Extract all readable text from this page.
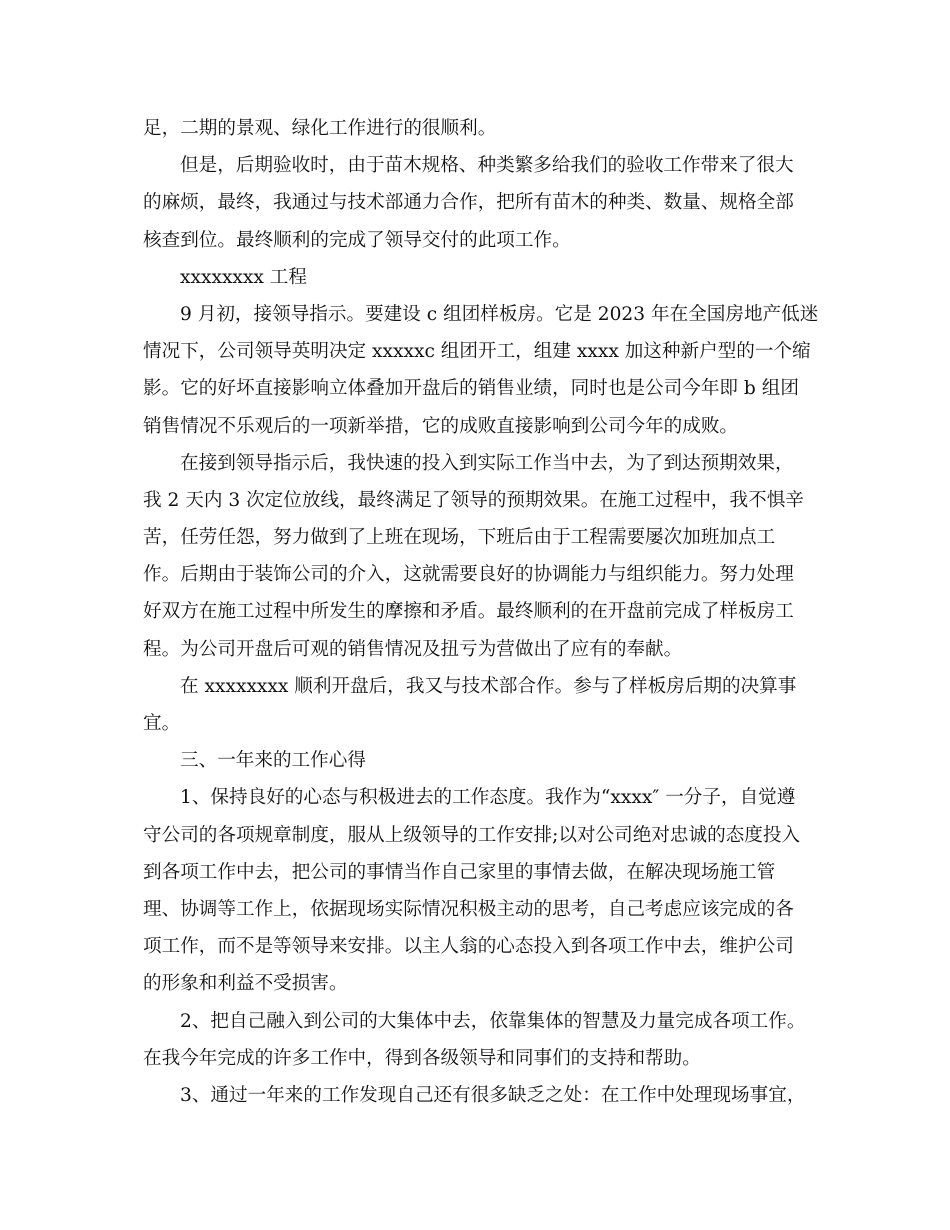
足，二期的景观、绿化工作进行的很顺利。
但是，后期验收时，由于苗木规格、种类繁多给我们的验收工作带来了很大
的麻烦，最终，我通过与技术部通力合作，把所有苗木的种类、数量、规格全部
核查到位。最终顺利的完成了领导交付的此项工作。
xxxxxxxx 工程
9 月初，接领导指示。要建设 c 组团样板房。它是 2023 年在全国房地产低迷
情况下，公司领导英明决定 xxxxxc 组团开工，组建 xxxx 加这种新户型的一个缩
影。它的好坏直接影响立体叠加开盘后的销售业绩，同时也是公司今年即 b 组团
销售情况不乐观后的一项新举措，它的成败直接影响到公司今年的成败。
在接到领导指示后，我快速的投入到实际工作当中去，为了到达预期效果，
我 2 天内 3 次定位放线，最终满足了领导的预期效果。在施工过程中，我不惧辛
苦，任劳任怨，努力做到了上班在现场，下班后由于工程需要屡次加班加点工
作。后期由于装饰公司的介入，这就需要良好的协调能力与组织能力。努力处理
好双方在施工过程中所发生的摩擦和矛盾。最终顺利的在开盘前完成了样板房工
程。为公司开盘后可观的销售情况及扭亏为营做出了应有的奉献。
在 xxxxxxxx 顺利开盘后，我又与技术部合作。参与了样板房后期的决算事
宜。
三、一年来的工作心得
1、保持良好的心态与积极进去的工作态度。我作为“xxxx″ 一分子，自觉遵
守公司的各项规章制度，服从上级领导的工作安排;以对公司绝对忠诚的态度投入
到各项工作中去，把公司的事情当作自己家里的事情去做，在解决现场施工管
理、协调等工作上，依据现场实际情况积极主动的思考，自己考虑应该完成的各
项工作，而不是等领导来安排。以主人翁的心态投入到各项工作中去，维护公司
的形象和利益不受损害。
2、把自己融入到公司的大集体中去，依靠集体的智慧及力量完成各项工作。
在我今年完成的许多工作中，得到各级领导和同事们的支持和帮助。
3、通过一年来的工作发现自己还有很多缺乏之处：在工作中处理现场事宜，
